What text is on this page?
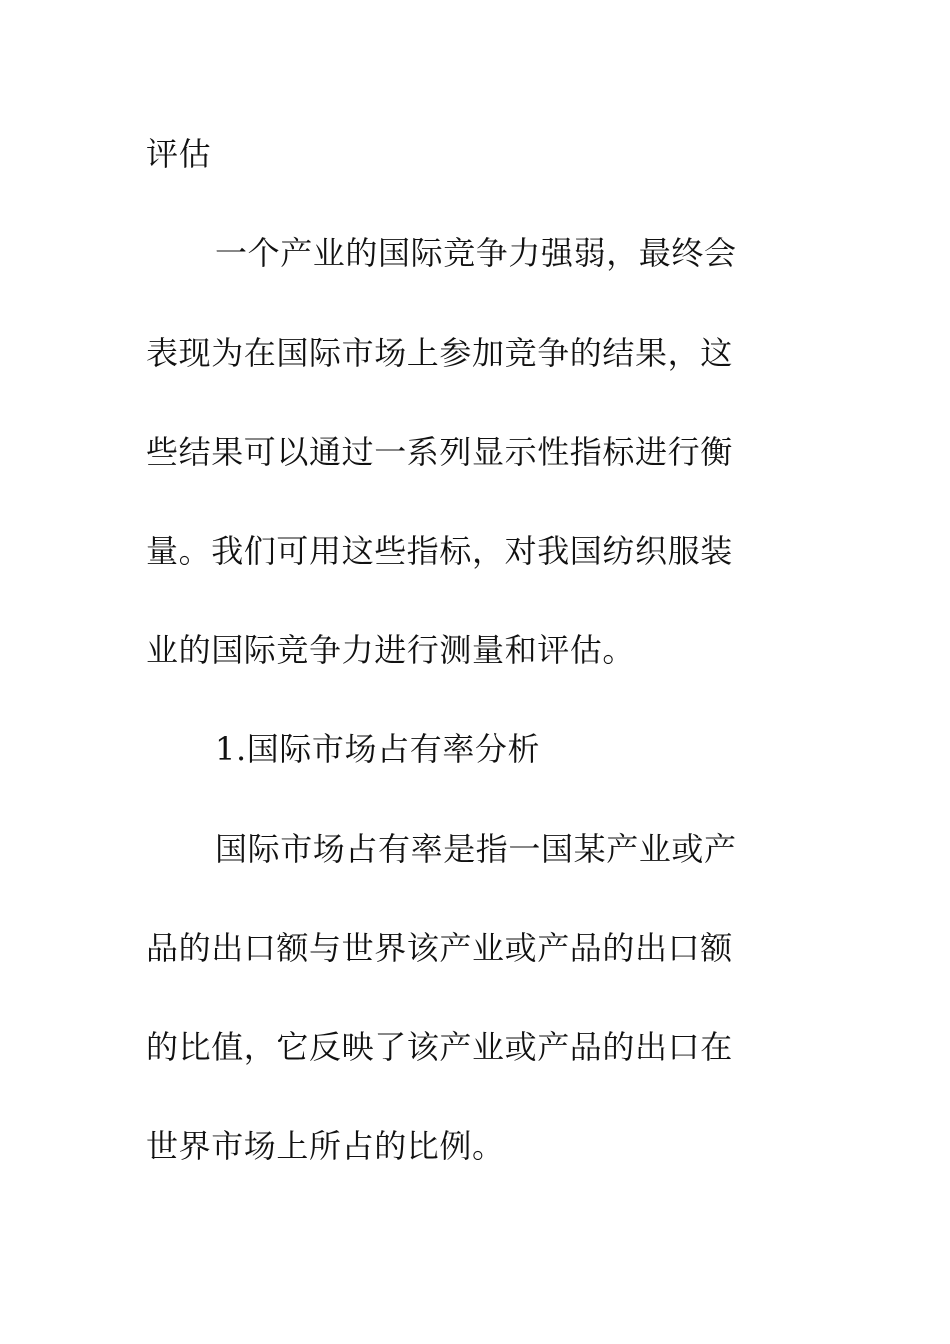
评估
一个产业的国际竞争力强弱，最终会
表现为在国际市场上参加竞争的结果，这
些结果可以通过一系列显示性指标进行衡
量。我们可用这些指标，对我国纺织服装
业的国际竞争力进行测量和评估。
1.国际市场占有率分析
国际市场占有率是指一国某产业或产
品的出口额与世界该产业或产品的出口额
的比值，它反映了该产业或产品的出口在
世界市场上所占的比例。
